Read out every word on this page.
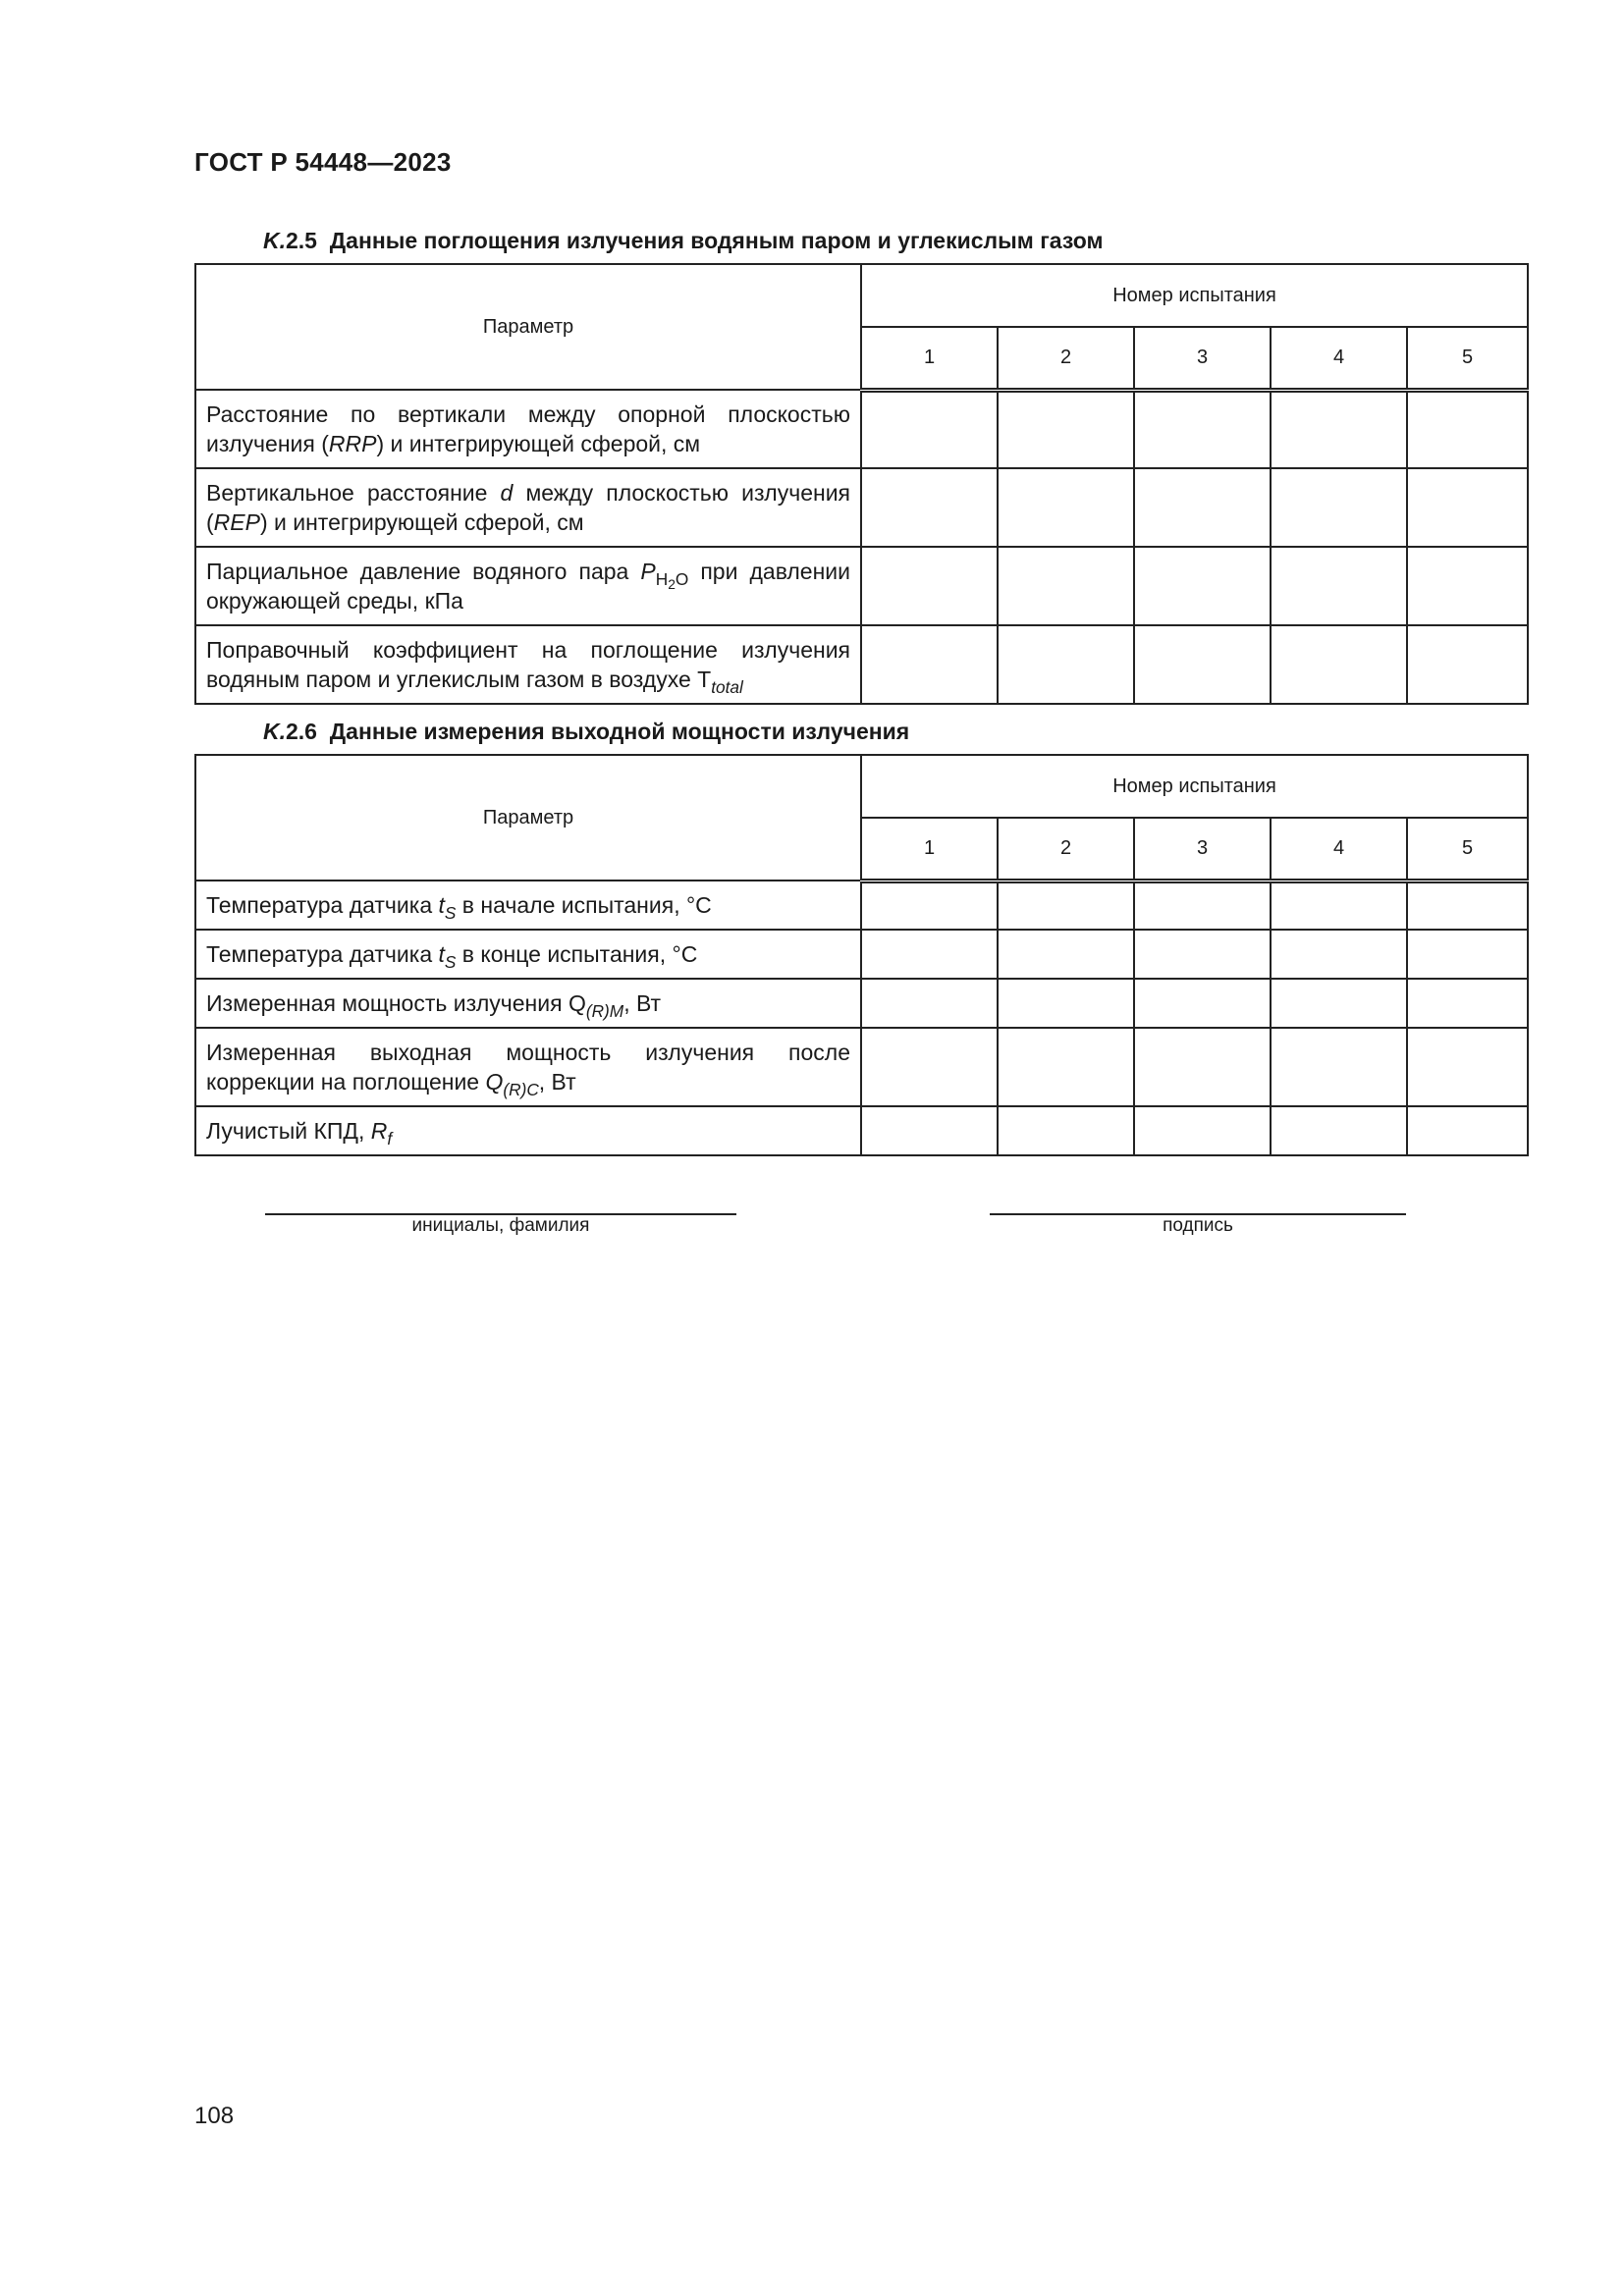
ГОСТ Р 54448—2023
K.2.5 Данные поглощения излучения водяным паром и углекислым газом
Параметр	Номер испытания				
	1	2	3	4	5
Расстояние по вертикали между опорной плоскостью излучения (RRP) и интегрирующей сферой, см					
Вертикальное расстояние d между плоскостью излучения (REP) и интегрирующей сферой, см					
Парциальное давление водяного пара $P_{H_2O}$ при давлении окружающей среды, кПа					
Поправочный коэффициент на поглощение излучения водяным паром и углекислым газом в воздухе $T_{total}$					
K.2.6 Данные измерения выходной мощности излучения
Параметр	Номер испытания				
	1	2	3	4	5
Температура датчика $t_S$ в начале испытания, °С					
Температура датчика $t_S$ в конце испытания, °С					
Измеренная мощность излучения $Q_{(R)M}$, Вт					
Измеренная выходная мощность излучения после коррекции на поглощение $Q_{(R)C}$, Вт					
Лучистый КПД, $R_f$					
инициалы, фамилия	подпись
108
